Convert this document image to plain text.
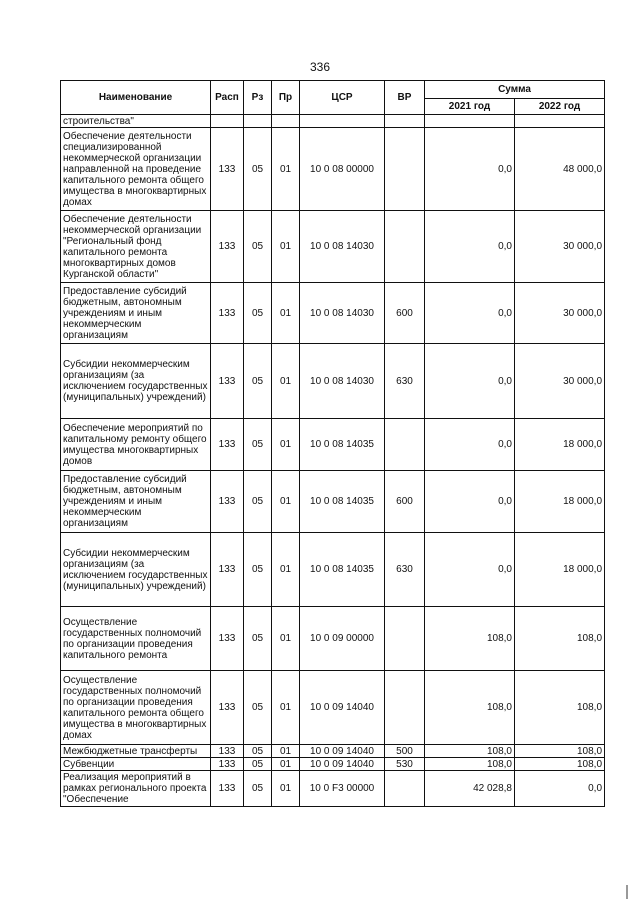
336
Наименование	Расп	Рз	Пр	ЦСР	ВР	Сумма	
						2021 год	2022 год
строительства"							
Обеспечение деятельности специализированной некоммерческой организации направленной на проведение капитального ремонта общего имущества в многоквартирных домах	133	05	01	10 0 08 00000		0,0	48 000,0
Обеспечение деятельности некоммерческой организации "Региональный фонд капитального ремонта многоквартирных домов Курганской области"	133	05	01	10 0 08 14030		0,0	30 000,0
Предоставление субсидий бюджетным, автономным учреждениям и иным некоммерческим организациям	133	05	01	10 0 08 14030	600	0,0	30 000,0
Субсидии некоммерческим организациям (за исключением государственных (муниципальных) учреждений)	133	05	01	10 0 08 14030	630	0,0	30 000,0
Обеспечение мероприятий по капитальному ремонту общего имущества многоквартирных домов	133	05	01	10 0 08 14035		0,0	18 000,0
Предоставление субсидий бюджетным, автономным учреждениям и иным некоммерческим организациям	133	05	01	10 0 08 14035	600	0,0	18 000,0
Субсидии некоммерческим организациям (за исключением государственных (муниципальных) учреждений)	133	05	01	10 0 08 14035	630	0,0	18 000,0
Осуществление государственных полномочий по организации проведения капитального ремонта	133	05	01	10 0 09 00000		108,0	108,0
Осуществление государственных полномочий по организации проведения капитального ремонта общего имущества в многоквартирных домах	133	05	01	10 0 09 14040		108,0	108,0
Межбюджетные трансферты	133	05	01	10 0 09 14040	500	108,0	108,0
Субвенции	133	05	01	10 0 09 14040	530	108,0	108,0
Реализация мероприятий в рамках регионального проекта "Обеспечение	133	05	01	10 0 F3 00000		42 028,8	0,0
